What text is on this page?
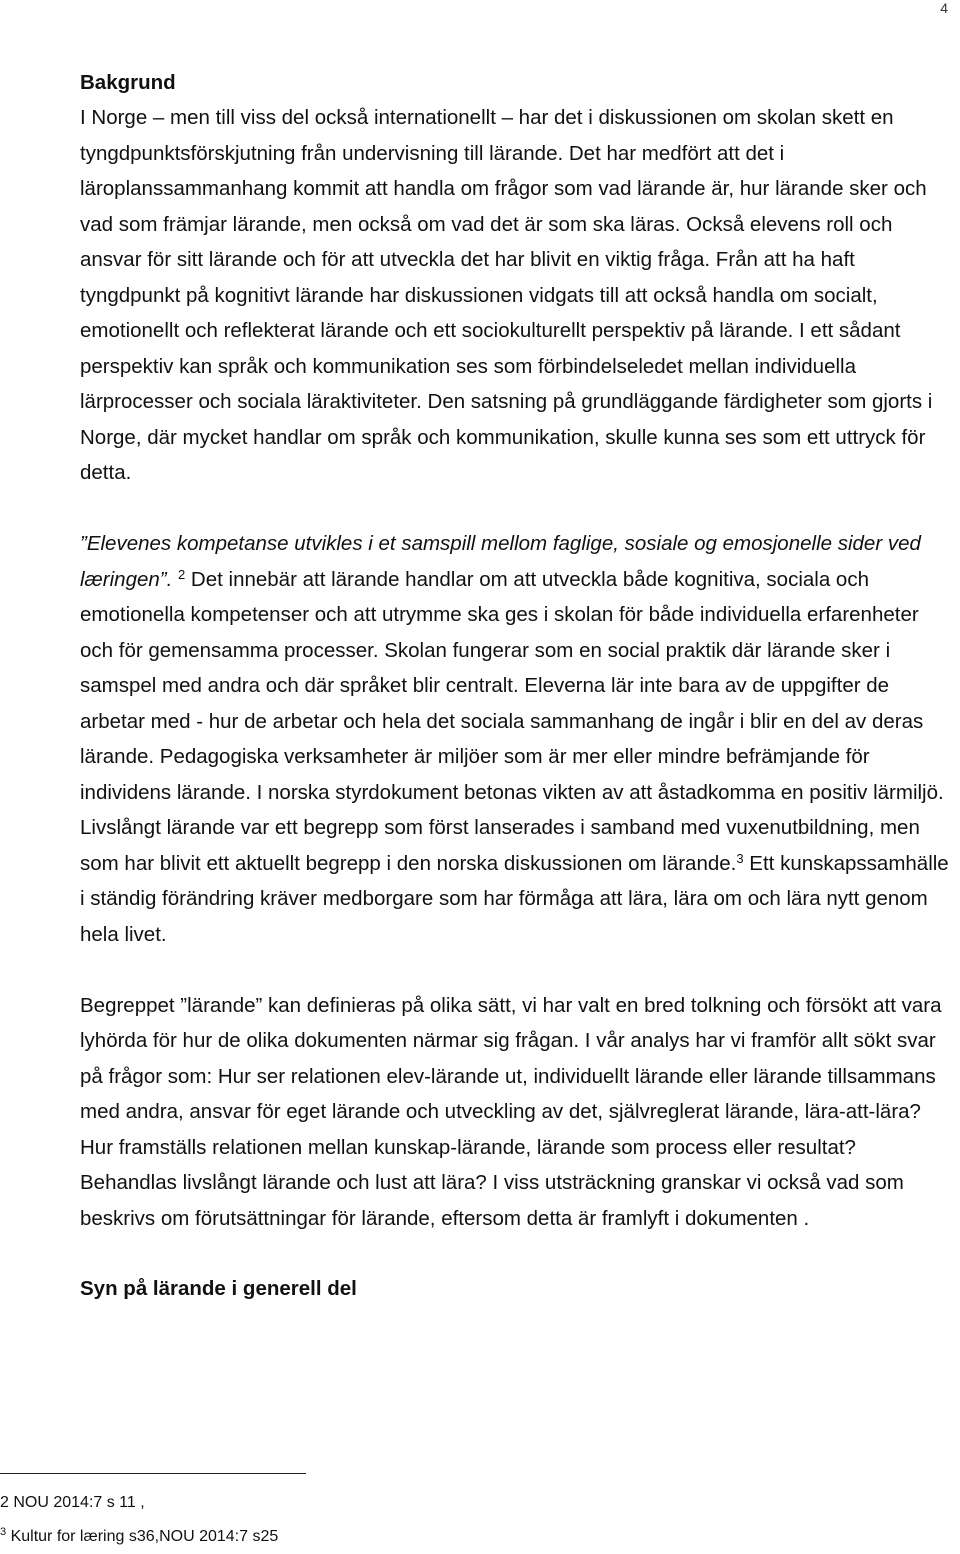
4
Bakgrund

I Norge – men till viss del också internationellt – har det i diskussionen om skolan skett en tyngdpunktsförskjutning från undervisning till lärande. Det har medfört att det i läroplanssammanhang kommit att handla om frågor som vad lärande är, hur lärande sker och vad som främjar lärande, men också om vad det är som ska läras. Också elevens roll och ansvar för sitt lärande och för att utveckla det har blivit en viktig fråga. Från att ha haft tyngdpunkt på kognitivt lärande har diskussionen vidgats till att också handla om socialt, emotionellt och reflekterat lärande och ett sociokulturellt perspektiv på lärande. I ett sådant perspektiv kan språk och kommunikation ses som förbindelseledet mellan individuella lärprocesser och sociala läraktiviteter. Den satsning på grundläggande färdigheter som gjorts i Norge, där mycket handlar om språk och kommunikation, skulle kunna ses som ett uttryck för detta.

”Elevenes kompetanse utvikles i et samspill mellom faglige, sosiale og emosjonelle sider ved læringen”. $^2$ Det innebär att lärande handlar om att utveckla både kognitiva, sociala och emotionella kompetenser och att utrymme ska ges i skolan för både individuella erfarenheter och för gemensamma processer. Skolan fungerar som en social praktik där lärande sker i samspel med andra och där språket blir centralt. Eleverna lär inte bara av de uppgifter de arbetar med - hur de arbetar och hela det sociala sammanhang de ingår i blir en del av deras lärande. Pedagogiska verksamheter är miljöer som är mer eller mindre befrämjande för individens lärande. I norska styrdokument betonas vikten av att åstadkomma en positiv lärmiljö. Livslångt lärande var ett begrepp som först lanserades i samband med vuxenutbildning, men som har blivit ett aktuellt begrepp i den norska diskussionen om lärande.$^3$ Ett kunskapssamhälle i ständig förändring kräver medborgare som har förmåga att lära, lära om och lära nytt genom hela livet.

Begreppet ”lärande” kan definieras på olika sätt, vi har valt en bred tolkning och försökt att vara lyhörda för hur de olika dokumenten närmar sig frågan. I vår analys har vi framför allt sökt svar på frågor som: Hur ser relationen elev-lärande ut, individuellt lärande eller lärande tillsammans med andra, ansvar för eget lärande och utveckling av det, självreglerat lärande, lära-att-lära? Hur framställs relationen mellan kunskap-lärande, lärande som process eller resultat? Behandlas livslångt lärande och lust att lära? I viss utsträckning granskar vi också vad som beskrivs om förutsättningar för lärande, eftersom detta är framlyft i dokumenten .

Syn på lärande i generell del
2 NOU 2014:7 s 11 ,
$^3$ Kultur for læring s36,NOU 2014:7 s25
